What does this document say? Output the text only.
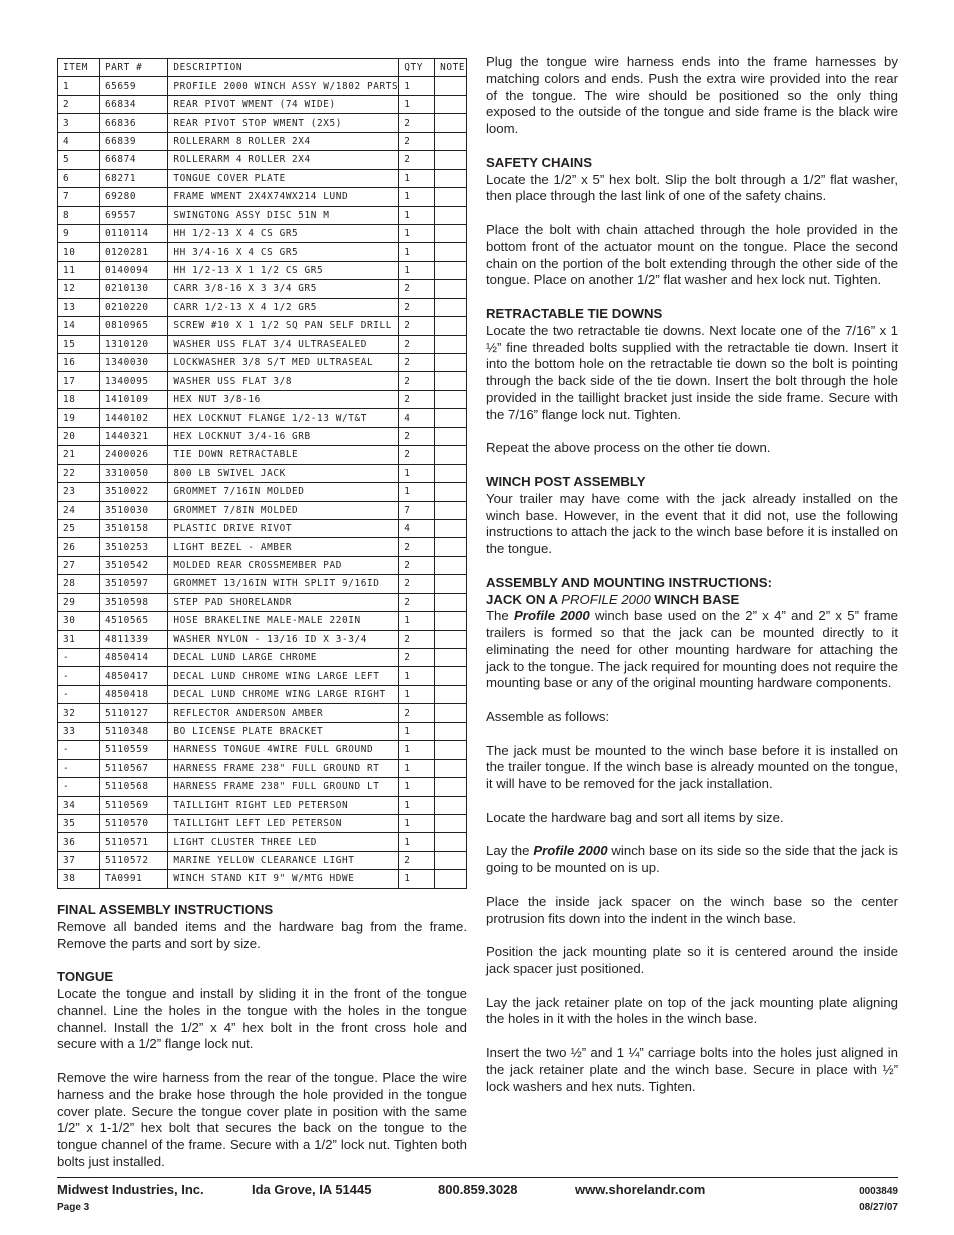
ITEM	PART #	DESCRIPTION	QTY	NOTE
1	65659	PROFILE 2000 WINCH ASSY W/1802 PARTS	1	
2	66834	REAR PIVOT WMENT (74 WIDE)	1	
3	66836	REAR PIVOT STOP WMENT (2X5)	2	
4	66839	ROLLERARM 8 ROLLER 2X4	2	
5	66874	ROLLERARM 4 ROLLER 2X4	2	
6	68271	TONGUE COVER PLATE	1	
7	69280	FRAME WMENT 2X4X74WX214 LUND	1	
8	69557	SWINGTONG ASSY DISC 51N M	1	
9	0110114	HH 1/2-13 X 4 CS GR5	1	
10	0120281	HH 3/4-16 X 4 CS GR5	1	
11	0140094	HH 1/2-13 X 1 1/2 CS GR5	1	
12	0210130	CARR 3/8-16 X 3 3/4 GR5	2	
13	0210220	CARR 1/2-13 X 4 1/2 GR5	2	
14	0810965	SCREW #10 X 1 1/2 SQ PAN SELF DRILL	2	
15	1310120	WASHER USS FLAT 3/4 ULTRASEALED	2	
16	1340030	LOCKWASHER 3/8 S/T MED ULTRASEAL	2	
17	1340095	WASHER USS FLAT 3/8	2	
18	1410109	HEX NUT 3/8-16	2	
19	1440102	HEX LOCKNUT FLANGE 1/2-13 W/T&T	4	
20	1440321	HEX LOCKNUT 3/4-16 GRB	2	
21	2400026	TIE DOWN RETRACTABLE	2	
22	3310050	800 LB SWIVEL JACK	1	
23	3510022	GROMMET 7/16IN MOLDED	1	
24	3510030	GROMMET 7/8IN MOLDED	7	
25	3510158	PLASTIC DRIVE RIVOT	4	
26	3510253	LIGHT BEZEL - AMBER	2	
27	3510542	MOLDED REAR CROSSMEMBER PAD	2	
28	3510597	GROMMET 13/16IN WITH SPLIT 9/16ID	2	
29	3510598	STEP PAD SHORELANDR	2	
30	4510565	HOSE BRAKELINE MALE-MALE 220IN	1	
31	4811339	WASHER NYLON - 13/16 ID X 3-3/4	2	
-	4850414	DECAL LUND LARGE CHROME	2	
-	4850417	DECAL LUND CHROME WING LARGE LEFT	1	
-	4850418	DECAL LUND CHROME WING LARGE RIGHT	1	
32	5110127	REFLECTOR ANDERSON AMBER	2	
33	5110348	BO LICENSE PLATE BRACKET	1	
-	5110559	HARNESS TONGUE 4WIRE FULL GROUND	1	
-	5110567	HARNESS FRAME 238" FULL GROUND RT	1	
-	5110568	HARNESS FRAME 238" FULL GROUND LT	1	
34	5110569	TAILLIGHT RIGHT LED PETERSON	1	
35	5110570	TAILLIGHT LEFT LED PETERSON	1	
36	5110571	LIGHT CLUSTER THREE LED	1	
37	5110572	MARINE YELLOW CLEARANCE LIGHT	2	
38	TA0991	WINCH STAND KIT 9" W/MTG HDWE	1	
FINAL ASSEMBLY INSTRUCTIONS

Remove all banded items and the hardware bag from the frame. Remove the parts and sort by size.

TONGUE

Locate the tongue and install by sliding it in the front of the tongue channel. Line the holes in the tongue with the holes in the tongue channel. Install the 1/2” x 4” hex bolt in the front cross hole and secure with a 1/2” flange lock nut.

Remove the wire harness from the rear of the tongue. Place the wire harness and the brake hose through the hole provided in the tongue cover plate. Secure the tongue cover plate in position with the same 1/2” x 1-1/2” hex bolt that secures the back on the tongue to the tongue channel of the frame. Secure with a 1/2” lock nut. Tighten both bolts just installed.

Plug the tongue wire harness ends into the frame harnesses by matching colors and ends. Push the extra wire provided into the rear of the tongue. The wire should be positioned so the only thing exposed to the outside of the tongue and side frame is the black wire loom.

SAFETY CHAINS

Locate the 1/2” x 5” hex bolt. Slip the bolt through a 1/2” flat washer, then place through the last link of one of the safety chains.

Place the bolt with chain attached through the hole provided in the bottom front of the actuator mount on the tongue. Place the second chain on the portion of the bolt extending through the other side of the tongue. Place on another 1/2” flat washer and hex lock nut. Tighten.

RETRACTABLE TIE DOWNS

Locate the two retractable tie downs. Next locate one of the 7/16” x 1 ½” fine threaded bolts supplied with the retractable tie down. Insert it into the bottom hole on the retractable tie down so the bolt is pointing through the back side of the tie down. Insert the bolt through the hole provided in the taillight bracket just inside the side frame. Secure with the 7/16” flange lock nut. Tighten.

Repeat the above process on the other tie down.

WINCH POST ASSEMBLY

Your trailer may have come with the jack already installed on the winch base. However, in the event that it did not, use the following instructions to attach the jack to the winch base before it is installed on the tongue.

ASSEMBLY AND MOUNTING INSTRUCTIONS:
JACK ON A PROFILE 2000 WINCH BASE

The Profile 2000 winch base used on the 2” x 4” and 2” x 5” frame trailers is formed so that the jack can be mounted directly to it eliminating the need for other mounting hardware for attaching the jack to the tongue. The jack required for mounting does not require the mounting base or any of the original mounting hardware components.

Assemble as follows:

The jack must be mounted to the winch base before it is installed on the trailer tongue. If the winch base is already mounted on the tongue, it will have to be removed for the jack installation.

Locate the hardware bag and sort all items by size.

Lay the Profile 2000 winch base on its side so the side that the jack is going to be mounted on is up.

Place the inside jack spacer on the winch base so the center protrusion fits down into the indent in the winch base.

Position the jack mounting plate so it is centered around the inside jack spacer just positioned.

Lay the jack retainer plate on top of the jack mounting plate aligning the holes in it with the holes in the winch base.

Insert the two ½” and 1 ¼” carriage bolts into the holes just aligned in the jack retainer plate and the winch base. Secure in place with ½” lock washers and hex nuts. Tighten.

Midwest Industries, Inc.	Ida Grove, IA 51445	800.859.3028	www.shorelandr.com	0003849
Page 3	08/27/07
